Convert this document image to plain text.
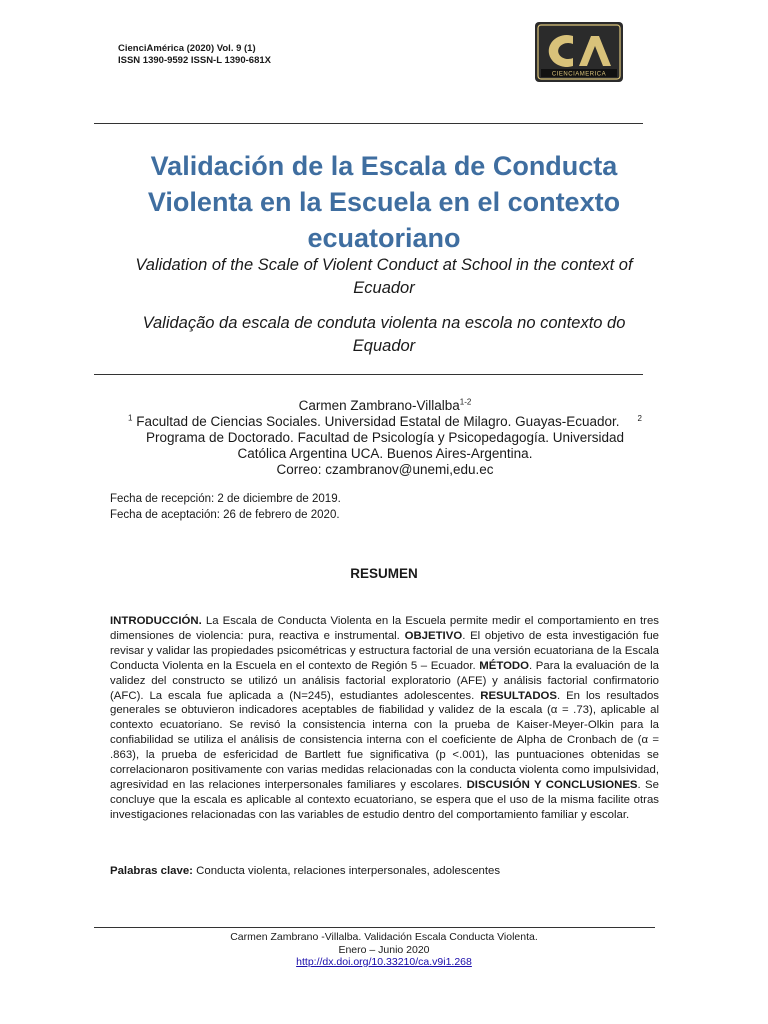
CienciAmérica (2020) Vol. 9 (1)
ISSN 1390-9592 ISSN-L 1390-681X
CIENCIAMERICA
Validación de la Escala de Conducta
Violenta en la Escuela en el contexto
ecuatoriano
Validation of the Scale of Violent Conduct at School in the context of
Ecuador
Validação da escala de conduta violenta na escola no contexto do
Equador
Carmen Zambrano-Villalba$^{1-2}$
$^1$ Facultad de Ciencias Sociales. Universidad Estatal de Milagro. Guayas-Ecuador. $^2$
Programa de Doctorado. Facultad de Psicología y Psicopedagogía. Universidad
Católica Argentina UCA. Buenos Aires-Argentina.
Correo: czambranov@unemi,edu.ec
Fecha de recepción: 2 de diciembre de 2019.
Fecha de aceptación: 26 de febrero de 2020.
RESUMEN
INTRODUCCIÓN. La Escala de Conducta Violenta en la Escuela permite medir el comportamiento en tres dimensiones de violencia: pura, reactiva e instrumental. OBJETIVO. El objetivo de esta investigación fue revisar y validar las propiedades psicométricas y estructura factorial de una versión ecuatoriana de la Escala Conducta Violenta en la Escuela en el contexto de Región 5 – Ecuador. MÉTODO. Para la evaluación de la validez del constructo se utilizó un análisis factorial exploratorio (AFE) y análisis factorial confirmatorio (AFC). La escala fue aplicada a (N=245), estudiantes adolescentes. RESULTADOS. En los resultados generales se obtuvieron indicadores aceptables de fiabilidad y validez de la escala (α = .73), aplicable al contexto ecuatoriano. Se revisó la consistencia interna con la prueba de Kaiser-Meyer-Olkin para la confiabilidad se utiliza el análisis de consistencia interna con el coeficiente de Alpha de Cronbach de (α = .863), la prueba de esfericidad de Bartlett fue significativa (p <.001), las puntuaciones obtenidas se correlacionaron positivamente con varias medidas relacionadas con la conducta violenta como impulsividad, agresividad en las relaciones interpersonales familiares y escolares. DISCUSIÓN Y CONCLUSIONES. Se concluye que la escala es aplicable al contexto ecuatoriano, se espera que el uso de la misma facilite otras investigaciones relacionadas con las variables de estudio dentro del comportamiento familiar y escolar.
Palabras clave: Conducta violenta, relaciones interpersonales, adolescentes
Carmen Zambrano -Villalba. Validación Escala Conducta Violenta.
Enero – Junio 2020
http://dx.doi.org/10.33210/ca.v9i1.268
